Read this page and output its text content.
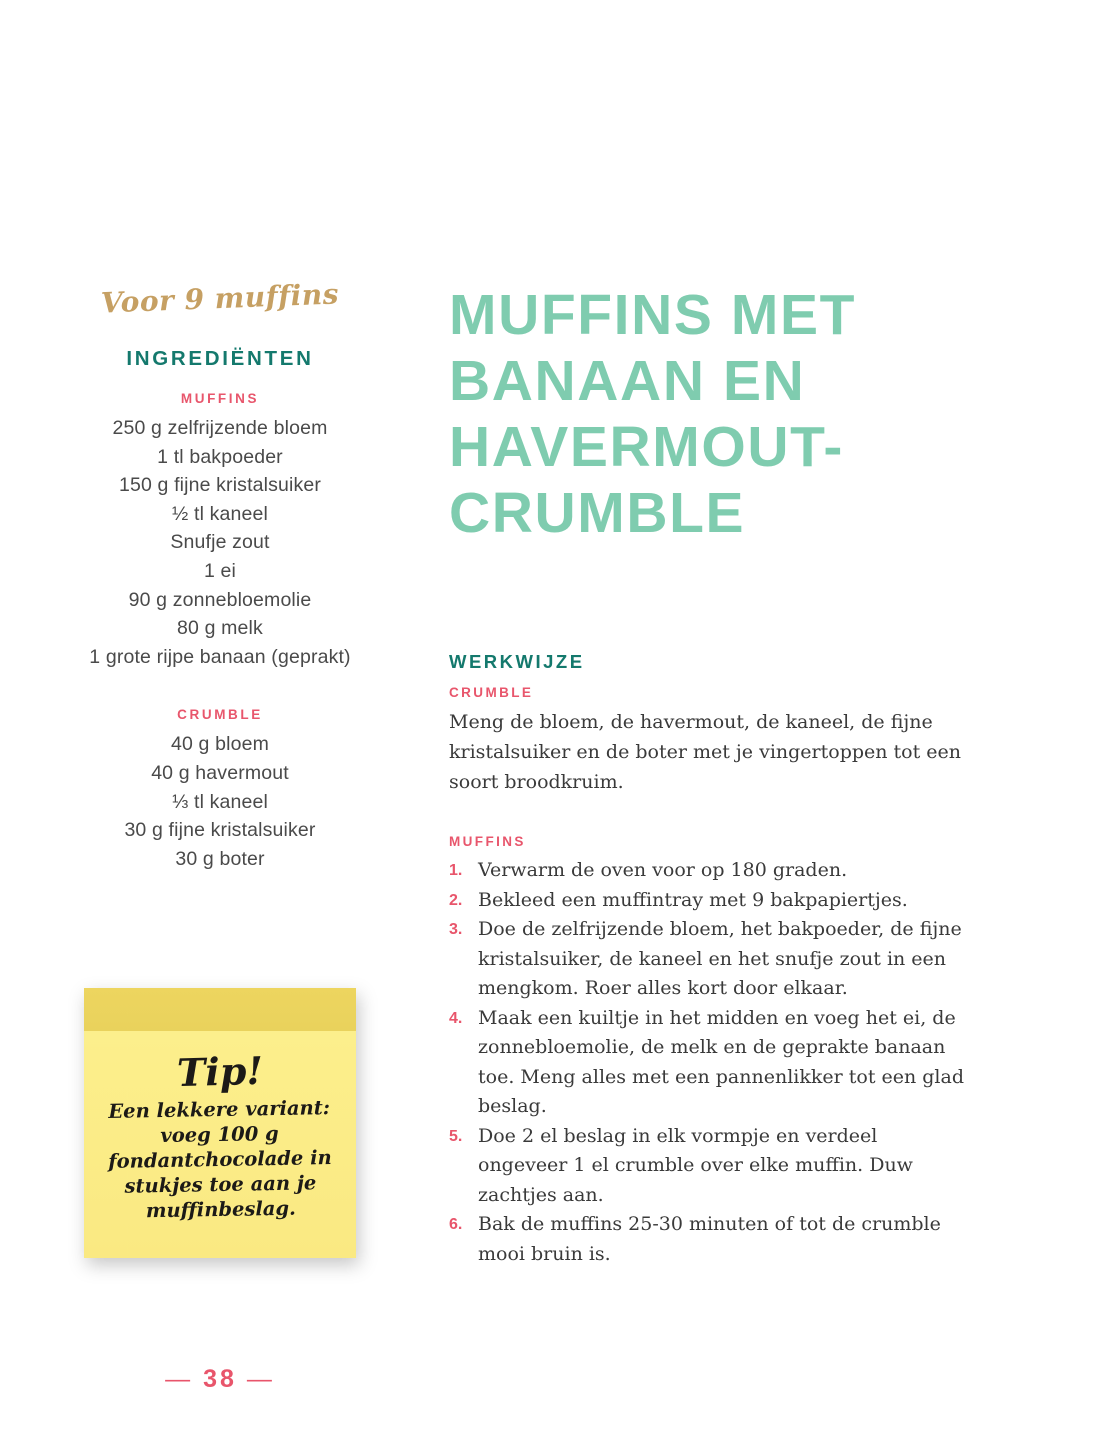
Voor 9 muffins
INGREDIËNTEN
MUFFINS
250 g zelfrijzende bloem
1 tl bakpoeder
150 g fijne kristalsuiker
½ tl kaneel
Snufje zout
1 ei
90 g zonnebloemolie
80 g melk
1 grote rijpe banaan (geprakt)
CRUMBLE
40 g bloem
40 g havermout
⅓ tl kaneel
30 g fijne kristalsuiker
30 g boter
Tip!

Een lekkere variant: voeg 100 g fondantchocolade in stukjes toe aan je muffinbeslag.

— 38 —
MUFFINS MET BANAAN EN HAVERMOUT-CRUMBLE
WERKWIJZE
CRUMBLE

Meng de bloem, de havermout, de kaneel, de fijne kristalsuiker en de boter met je vingertoppen tot een soort broodkruim.

MUFFINS
1. Verwarm de oven voor op 180 graden.
2. Bekleed een muffintray met 9 bakpapiertjes.
3. Doe de zelfrijzende bloem, het bakpoeder, de fijne kristalsuiker, de kaneel en het snufje zout in een mengkom. Roer alles kort door elkaar.
4. Maak een kuiltje in het midden en voeg het ei, de zonnebloemolie, de melk en de geprakte banaan toe. Meng alles met een pannenlikker tot een glad beslag.
5. Doe 2 el beslag in elk vormpje en verdeel ongeveer 1 el crumble over elke muffin. Duw zachtjes aan.
6. Bak de muffins 25-30 minuten of tot de crumble mooi bruin is.
